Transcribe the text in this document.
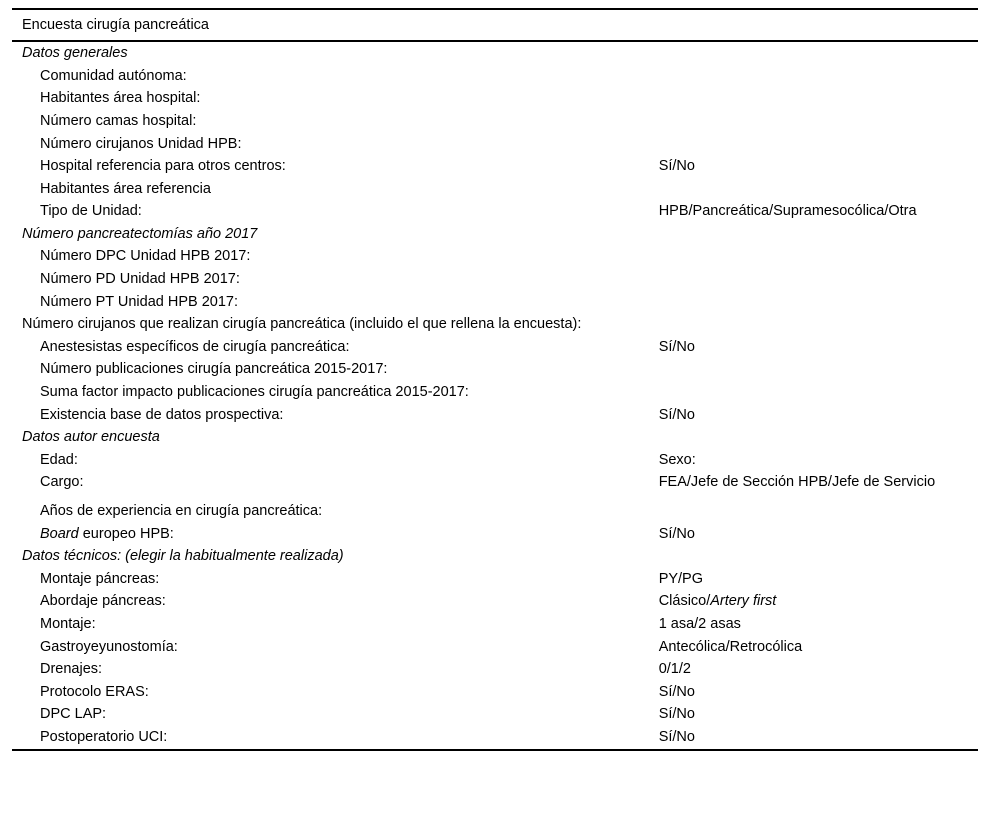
Encuesta cirugía pancreática
Datos generales	

Comunidad autónoma:	

Habitantes área hospital:	

Número camas hospital:	

Número cirujanos Unidad HPB:	

Hospital referencia para otros centros:	Sí/No

Habitantes área referencia	

Tipo de Unidad:	HPB/Pancreática/Supramesocólica/Otra

Número pancreatectomías año 2017	

Número DPC Unidad HPB 2017:	

Número PD Unidad HPB 2017:	

Número PT Unidad HPB 2017:	

Número cirujanos que realizan cirugía pancreática (incluido el que rellena la encuesta):	

Anestesistas específicos de cirugía pancreática:	Sí/No

Número publicaciones cirugía pancreática 2015-2017:	

Suma factor impacto publicaciones cirugía pancreática 2015-2017:	

Existencia base de datos prospectiva:	Sí/No

Datos autor encuesta	

Edad:	Sexo:

Cargo:	FEA/Jefe de Sección HPB/Jefe de Servicio

Años de experiencia en cirugía pancreática:	

Board europeo HPB:	Sí/No

Datos técnicos: (elegir la habitualmente realizada)	

Montaje páncreas:	PY/PG

Abordaje páncreas:	Clásico/Artery first

Montaje:	1 asa/2 asas

Gastroyeyunostomía:	Antecólica/Retrocólica

Drenajes:	0/1/2

Protocolo ERAS:	Sí/No

DPC LAP:	Sí/No

Postoperatorio UCI:	Sí/No
